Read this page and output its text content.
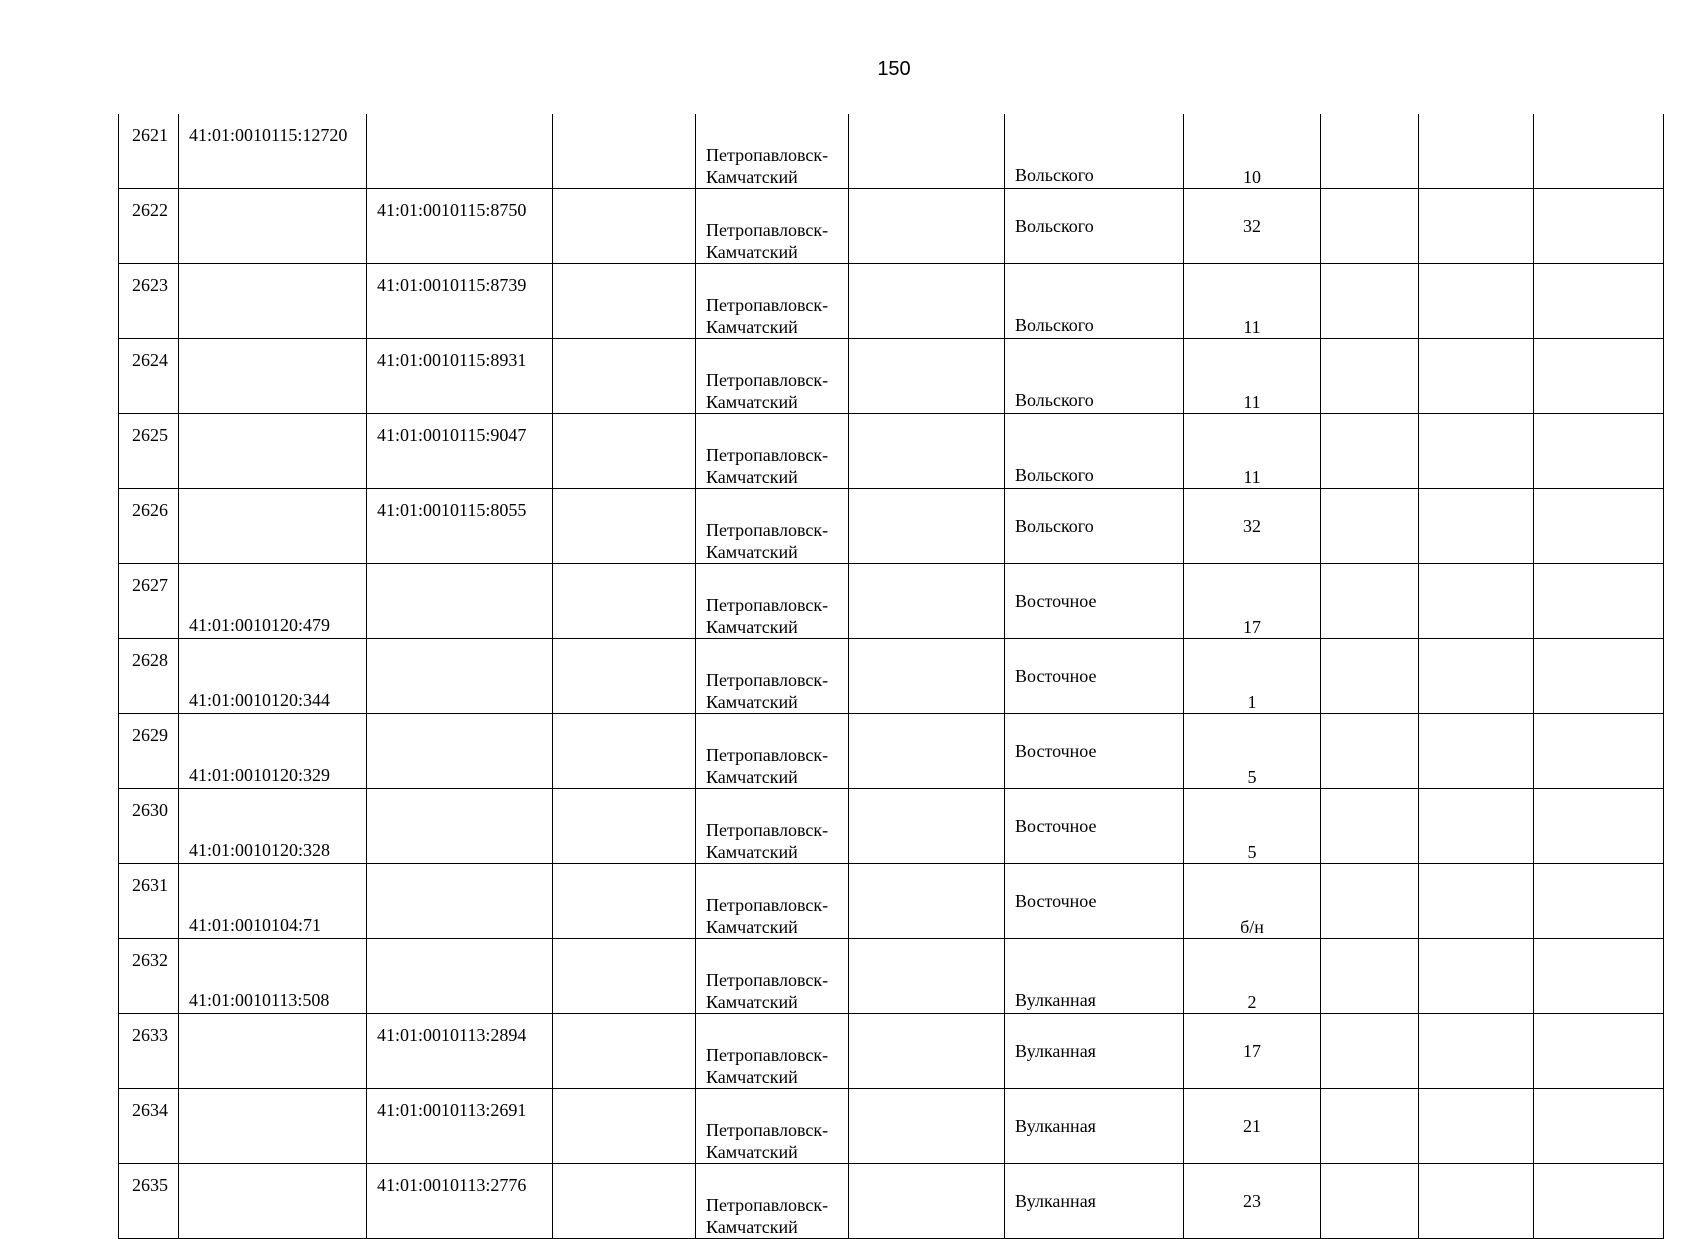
150
2621	41:01:0010115:12720			Петропавловск-Камчатский		Вольского	10			
2622		41:01:0010115:8750		Петропавловск-Камчатский		Вольского	32			
2623		41:01:0010115:8739		Петропавловск-Камчатский		Вольского	11			
2624		41:01:0010115:8931		Петропавловск-Камчатский		Вольского	11			
2625		41:01:0010115:9047		Петропавловск-Камчатский		Вольского	11			
2626		41:01:0010115:8055		Петропавловск-Камчатский		Вольского	32			
2627	41:01:0010120:479			Петропавловск-Камчатский		Восточное	17			
2628	41:01:0010120:344			Петропавловск-Камчатский		Восточное	1			
2629	41:01:0010120:329			Петропавловск-Камчатский		Восточное	5			
2630	41:01:0010120:328			Петропавловск-Камчатский		Восточное	5			
2631	41:01:0010104:71			Петропавловск-Камчатский		Восточное	б/н			
2632	41:01:0010113:508			Петропавловск-Камчатский		Вулканная	2			
2633		41:01:0010113:2894		Петропавловск-Камчатский		Вулканная	17			
2634		41:01:0010113:2691		Петропавловск-Камчатский		Вулканная	21			
2635		41:01:0010113:2776		Петропавловск-Камчатский		Вулканная	23			
